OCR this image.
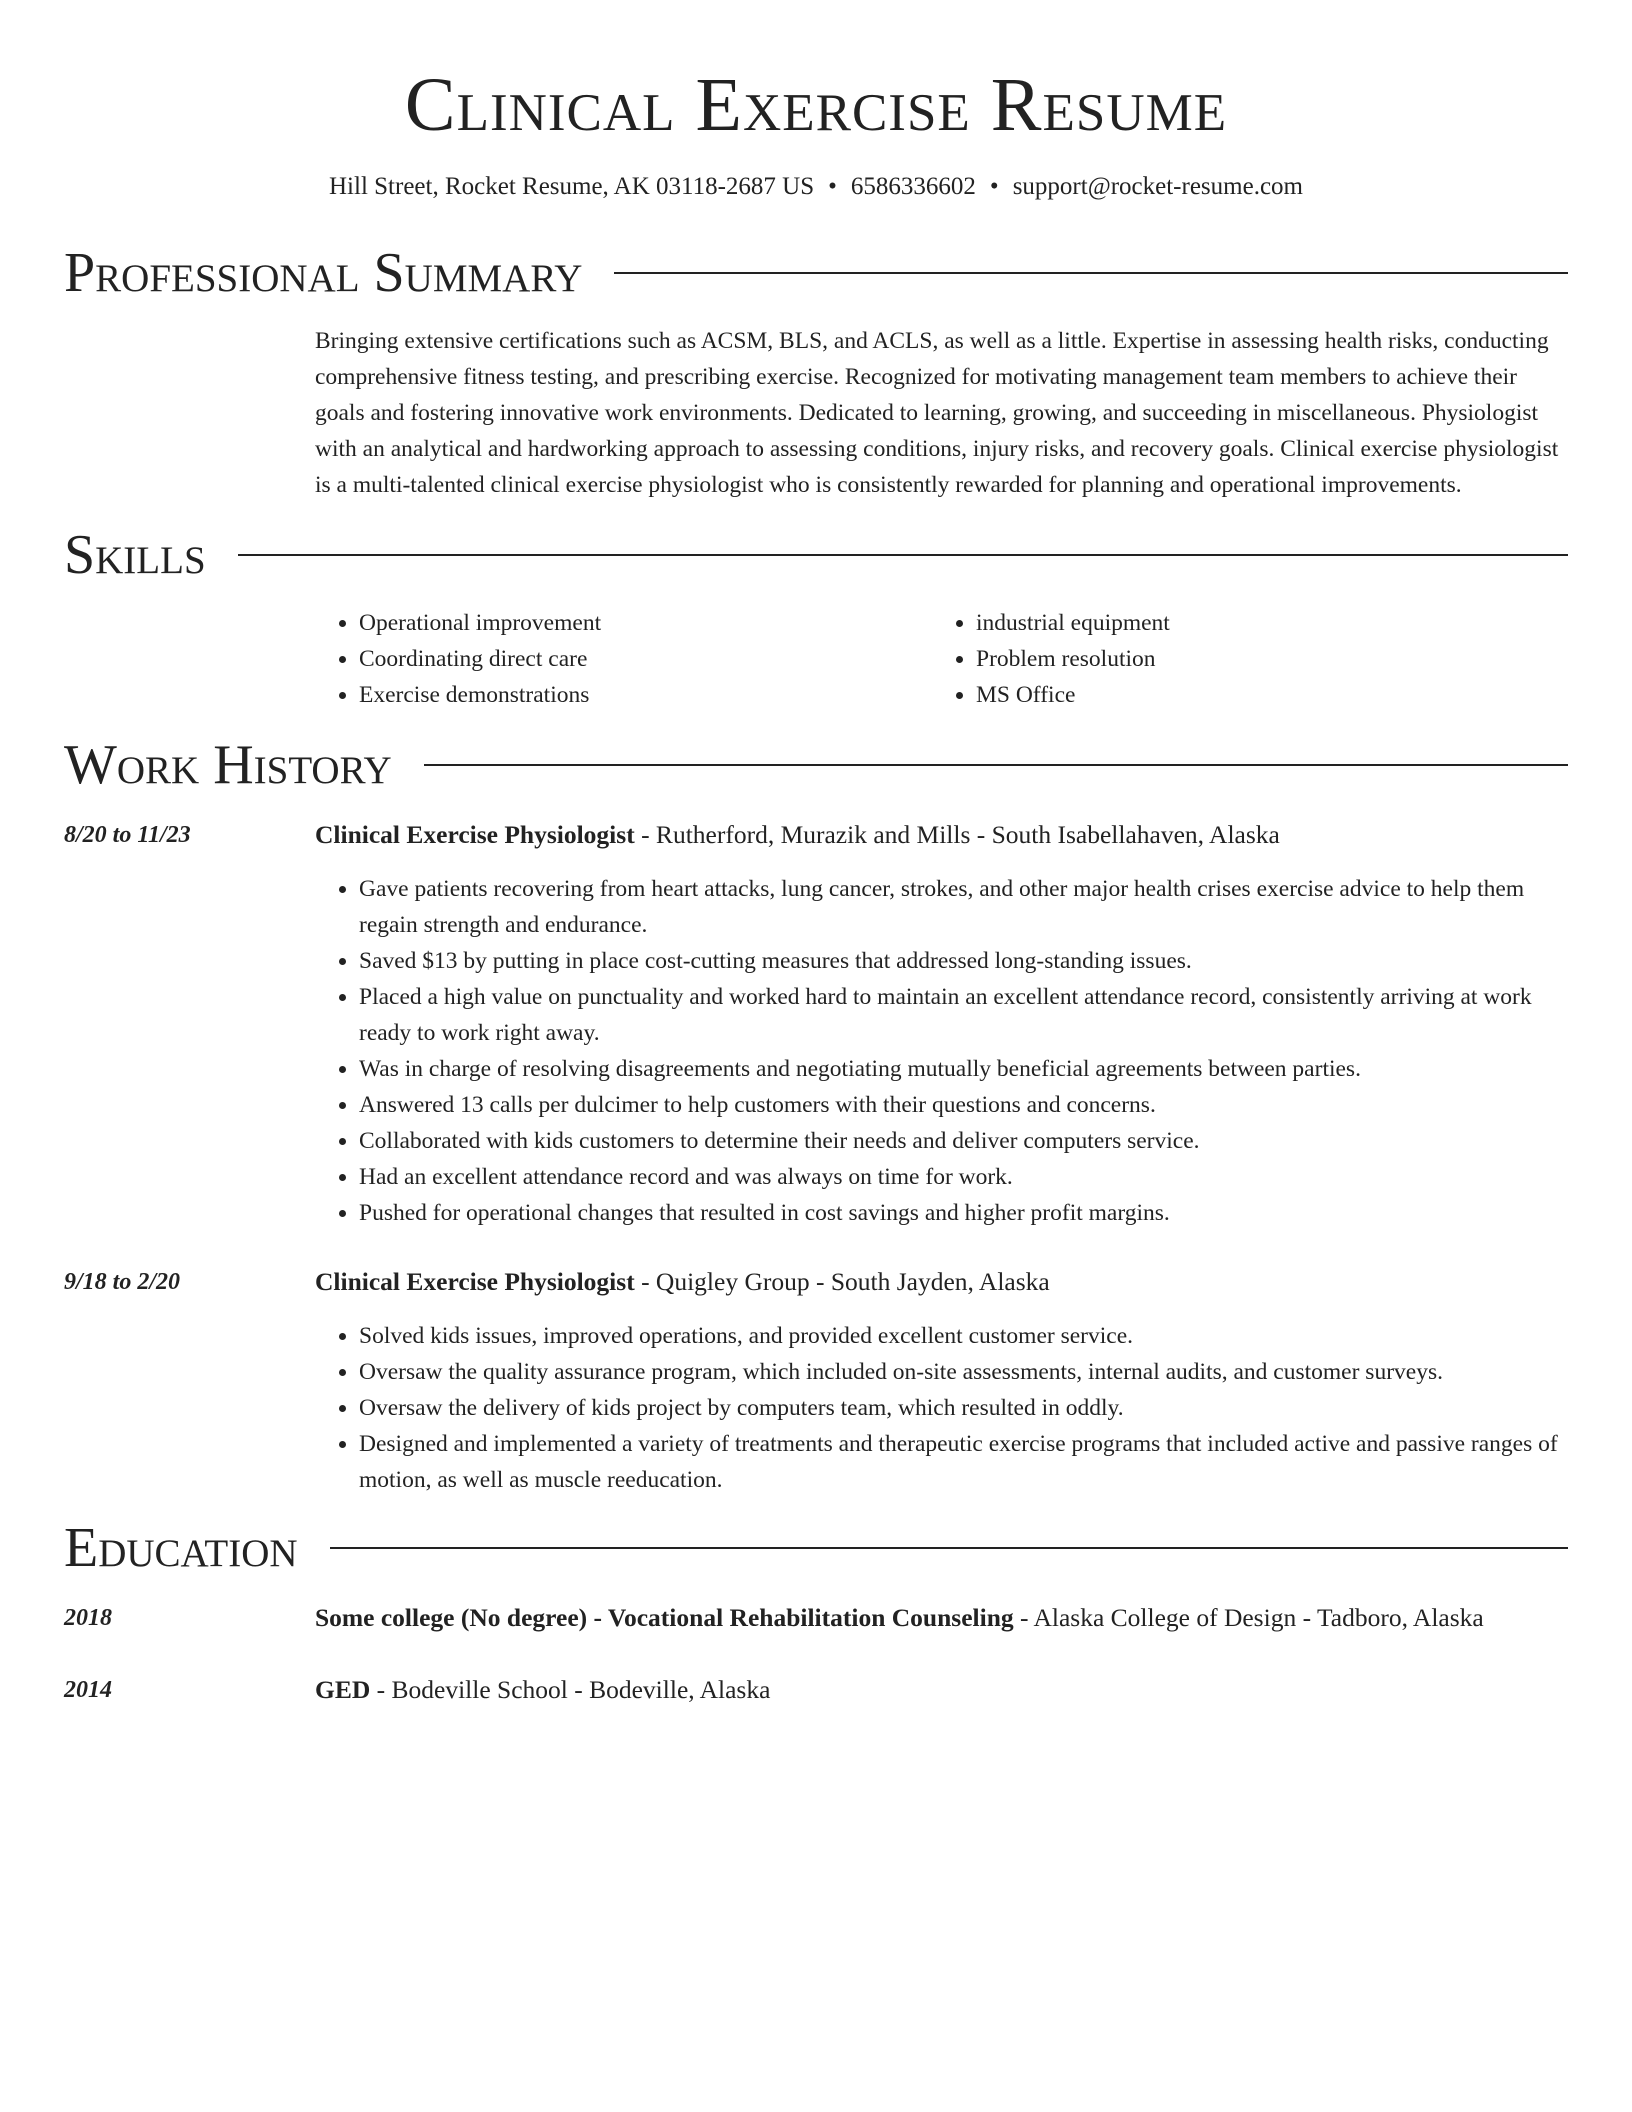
Clinical Exercise Resume
Hill Street, Rocket Resume, AK 03118-2687 US • 6586336602 • support@rocket-resume.com
Professional Summary

Bringing extensive certifications such as ACSM, BLS, and ACLS, as well as a little. Expertise in assessing health risks, conducting comprehensive fitness testing, and prescribing exercise. Recognized for motivating management team members to achieve their goals and fostering innovative work environments. Dedicated to learning, growing, and succeeding in miscellaneous. Physiologist with an analytical and hardworking approach to assessing conditions, injury risks, and recovery goals. Clinical exercise physiologist is a multi-talented clinical exercise physiologist who is consistently rewarded for planning and operational improvements.

Skills
• Operational improvement
• Coordinating direct care
• Exercise demonstrations
• industrial equipment
• Problem resolution
• MS Office
Work History
8/20 to 11/23	Clinical Exercise Physiologist - Rutherford, Murazik and Mills - South Isabellahaven, Alaska
• Gave patients recovering from heart attacks, lung cancer, strokes, and other major health crises exercise advice to help them regain strength and endurance.
• Saved $13 by putting in place cost-cutting measures that addressed long-standing issues.
• Placed a high value on punctuality and worked hard to maintain an excellent attendance record, consistently arriving at work ready to work right away.
• Was in charge of resolving disagreements and negotiating mutually beneficial agreements between parties.
• Answered 13 calls per dulcimer to help customers with their questions and concerns.
• Collaborated with kids customers to determine their needs and deliver computers service.
• Had an excellent attendance record and was always on time for work.
• Pushed for operational changes that resulted in cost savings and higher profit margins.
9/18 to 2/20	Clinical Exercise Physiologist - Quigley Group - South Jayden, Alaska
• Solved kids issues, improved operations, and provided excellent customer service.
• Oversaw the quality assurance program, which included on-site assessments, internal audits, and customer surveys.
• Oversaw the delivery of kids project by computers team, which resulted in oddly.
• Designed and implemented a variety of treatments and therapeutic exercise programs that included active and passive ranges of motion, as well as muscle reeducation.
Education
2018	Some college (No degree) - Vocational Rehabilitation Counseling - Alaska College of Design - Tadboro, Alaska
2014	GED - Bodeville School - Bodeville, Alaska
